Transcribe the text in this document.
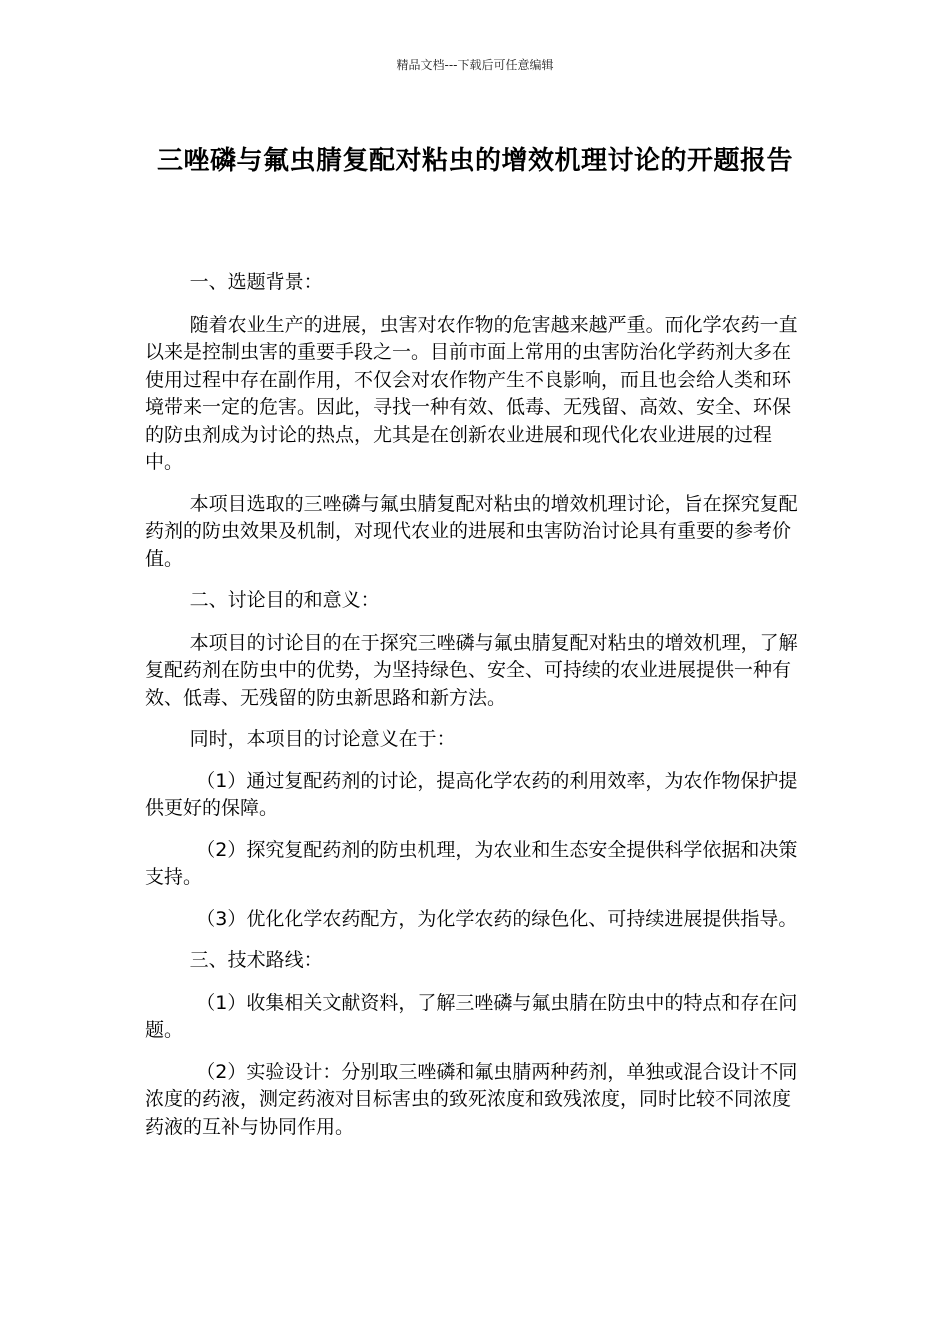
精品文档---下载后可任意编辑
三唑磷与氟虫腈复配对粘虫的增效机理讨论的开题报告

一、选题背景：

随着农业生产的进展，虫害对农作物的危害越来越严重。而化学农药一直以来是控制虫害的重要手段之一。目前市面上常用的虫害防治化学药剂大多在使用过程中存在副作用，不仅会对农作物产生不良影响，而且也会给人类和环境带来一定的危害。因此，寻找一种有效、低毒、无残留、高效、安全、环保的防虫剂成为讨论的热点，尤其是在创新农业进展和现代化农业进展的过程中。

本项目选取的三唑磷与氟虫腈复配对粘虫的增效机理讨论，旨在探究复配药剂的防虫效果及机制，对现代农业的进展和虫害防治讨论具有重要的参考价值。

二、讨论目的和意义：

本项目的讨论目的在于探究三唑磷与氟虫腈复配对粘虫的增效机理，了解复配药剂在防虫中的优势，为坚持绿色、安全、可持续的农业进展提供一种有效、低毒、无残留的防虫新思路和新方法。

同时，本项目的讨论意义在于：

（1）通过复配药剂的讨论，提高化学农药的利用效率，为农作物保护提供更好的保障。

（2）探究复配药剂的防虫机理，为农业和生态安全提供科学依据和决策支持。

（3）优化化学农药配方，为化学农药的绿色化、可持续进展提供指导。

三、技术路线：

（1）收集相关文献资料，了解三唑磷与氟虫腈在防虫中的特点和存在问题。

（2）实验设计：分别取三唑磷和氟虫腈两种药剂，单独或混合设计不同浓度的药液，测定药液对目标害虫的致死浓度和致残浓度，同时比较不同浓度药液的互补与协同作用。
